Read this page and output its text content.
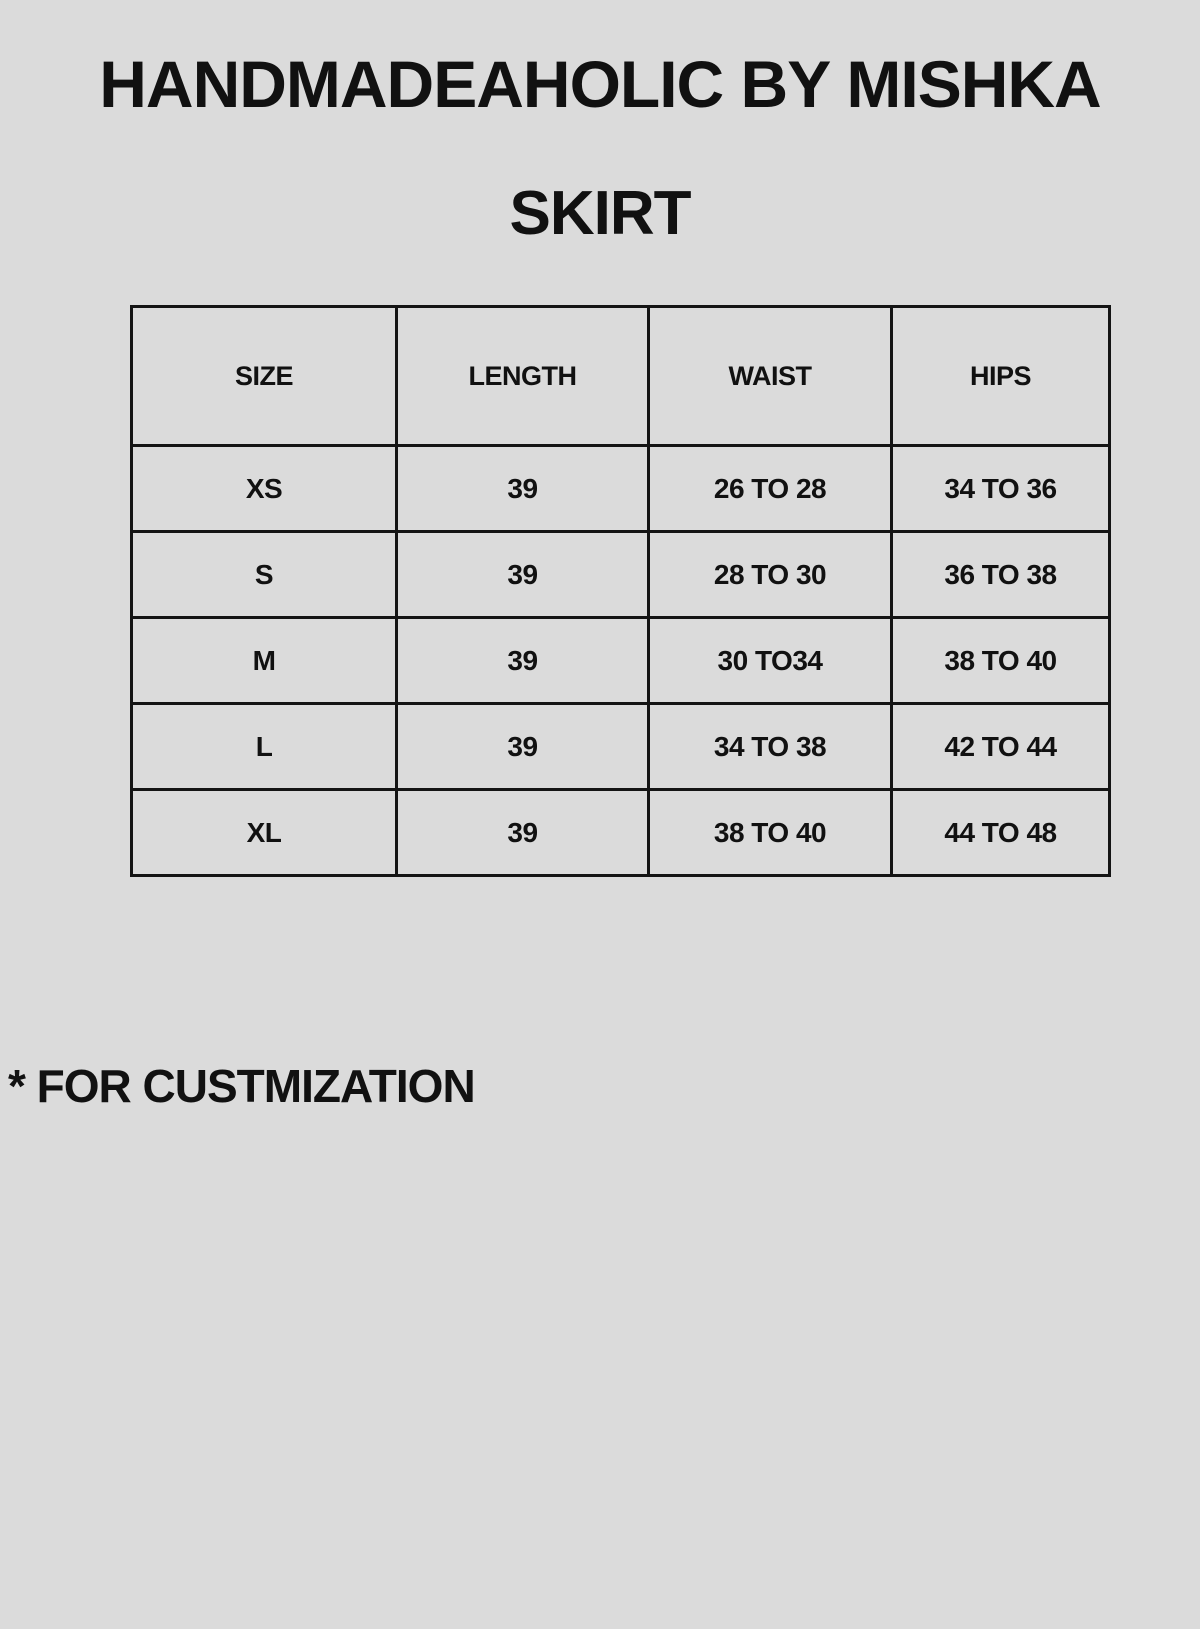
HANDMADEAHOLIC BY MISHKA
SKIRT
SIZE	LENGTH	WAIST	HIPS
XS	39	26 TO 28	34 TO 36
S	39	28 TO 30	36 TO 38
M	39	30 TO34	38 TO 40
L	39	34 TO 38	42 TO 44
XL	39	38 TO 40	44 TO 48

* FOR CUSTMIZATION
